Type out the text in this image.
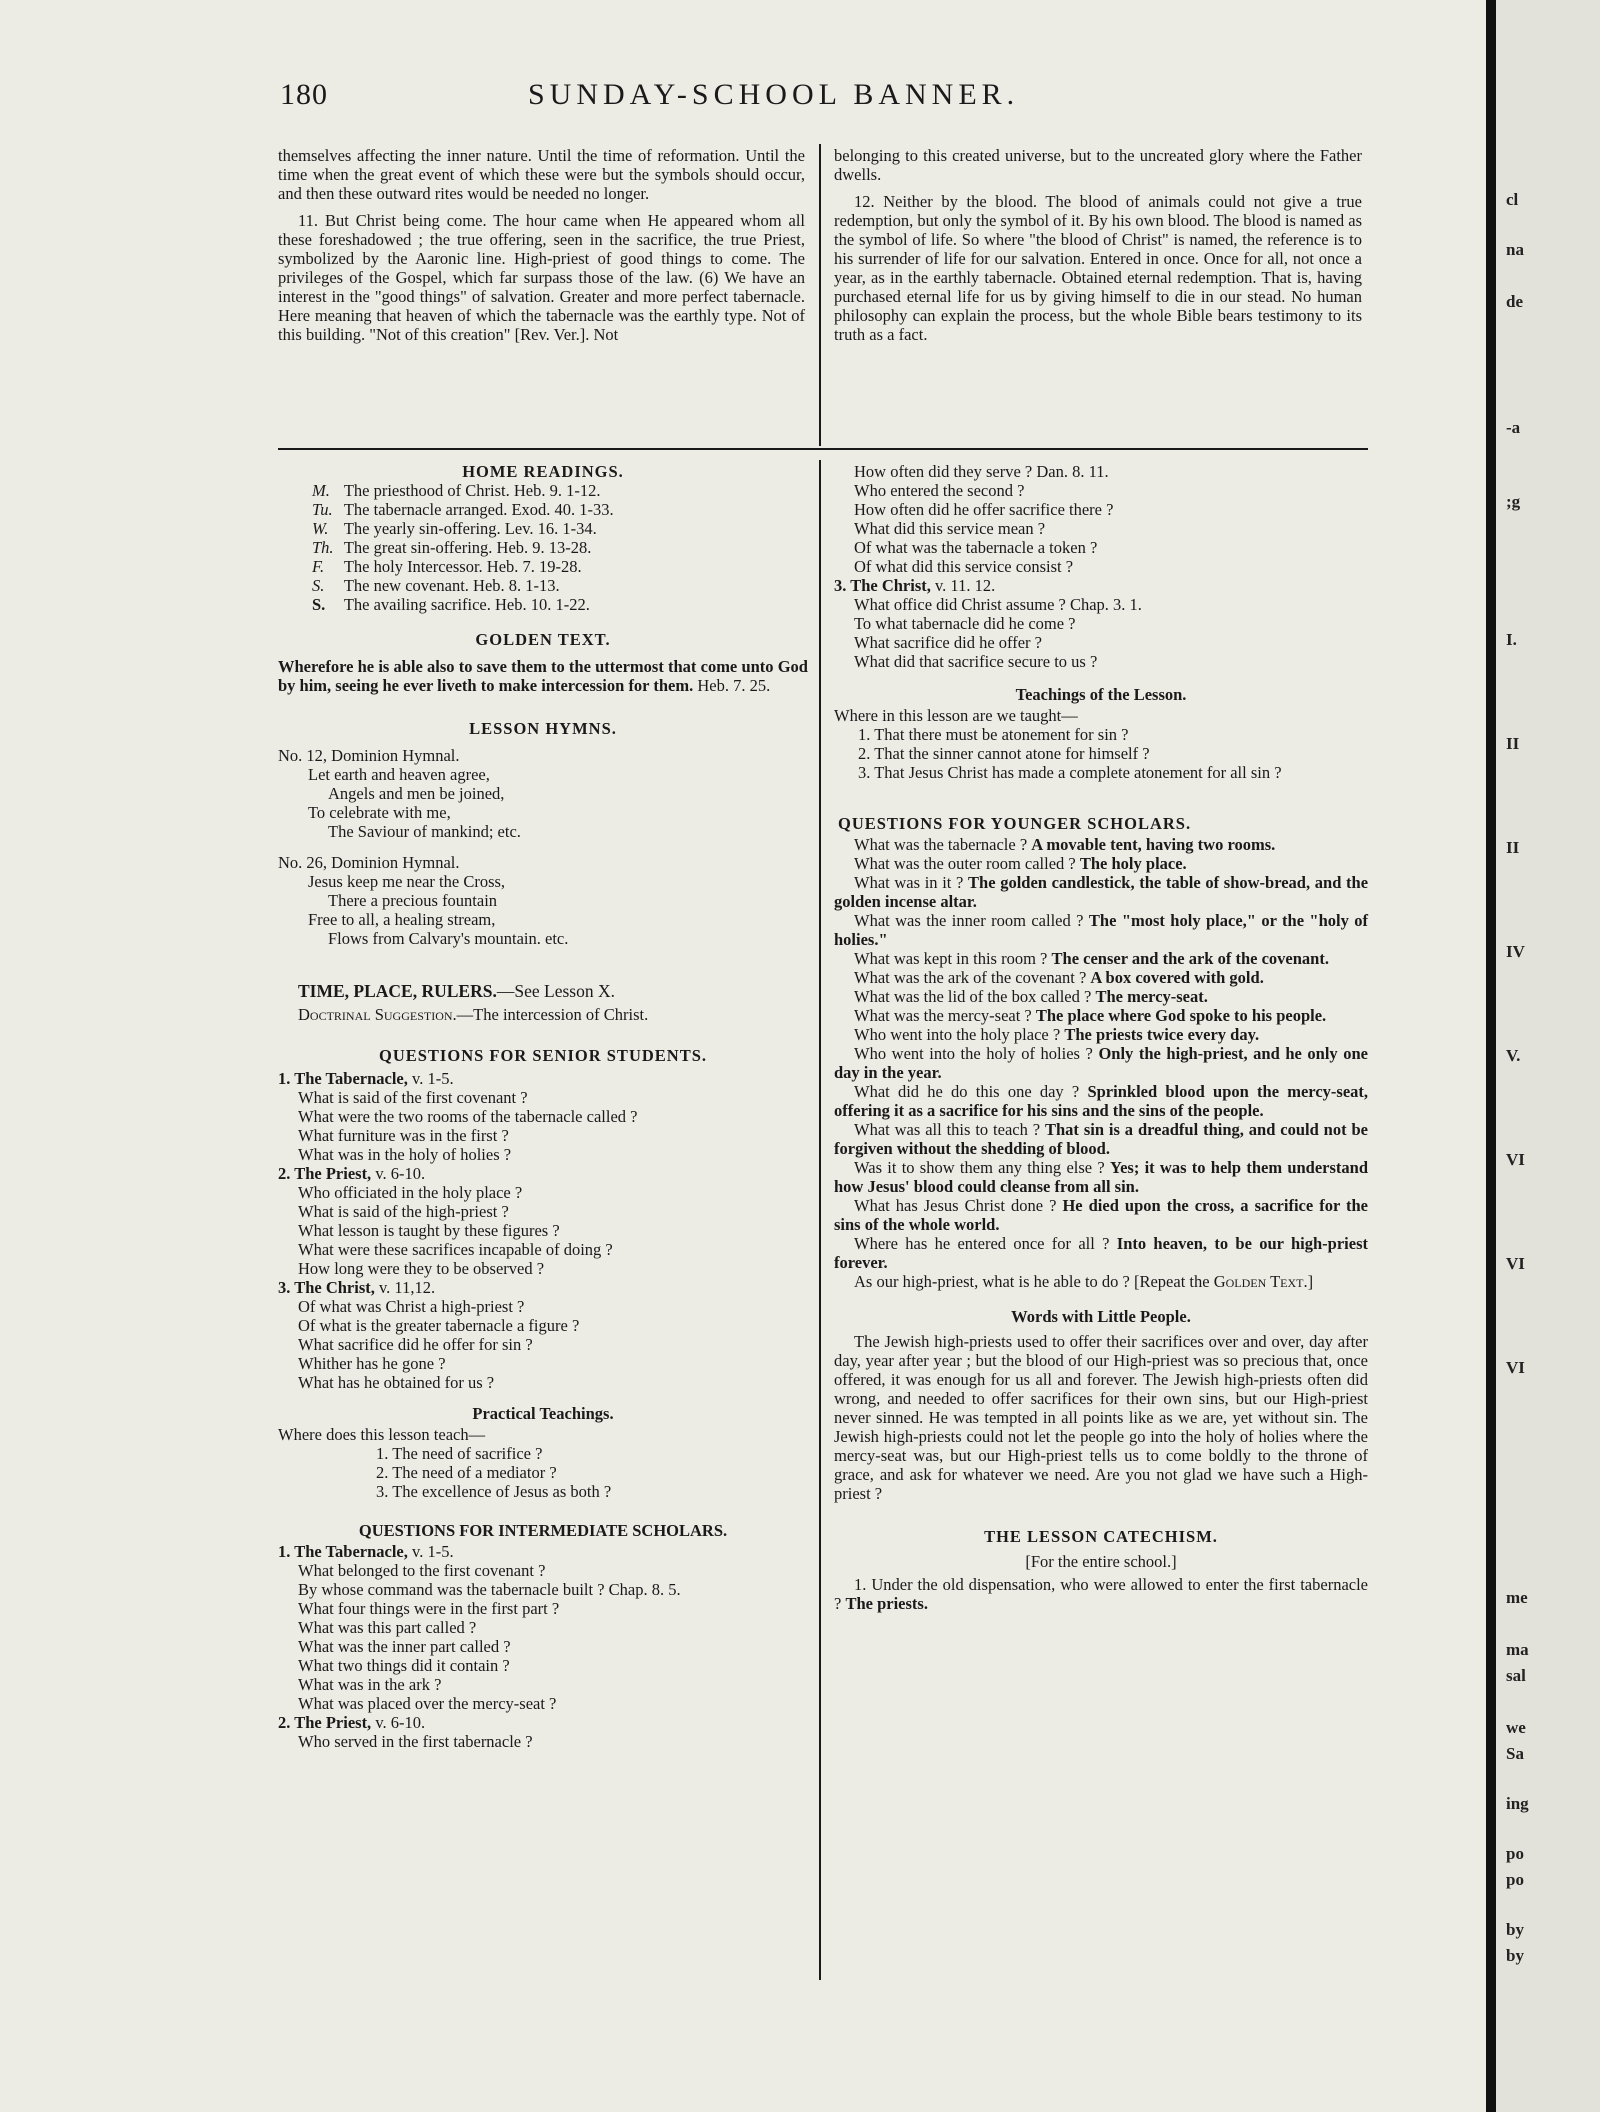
180	SUNDAY-SCHOOL BANNER.

themselves affecting the inner nature. Until the time of reformation. Until the time when the great event of which these were but the symbols should occur, and then these outward rites would be needed no longer.

11. But Christ being come. The hour came when He appeared whom all these foreshadowed ; the true offering, seen in the sacrifice, the true Priest, symbolized by the Aaronic line. High-priest of good things to come. The privileges of the Gospel, which far surpass those of the law. (6) We have an interest in the "good things" of salvation. Greater and more perfect tabernacle. Here meaning that heaven of which the tabernacle was the earthly type. Not of this building. "Not of this creation" [Rev. Ver.]. Not

belonging to this created universe, but to the uncreated glory where the Father dwells.

12. Neither by the blood. The blood of animals could not give a true redemption, but only the symbol of it. By his own blood. The blood is named as the symbol of life. So where "the blood of Christ" is named, the reference is to his surrender of life for our salvation. Entered in once. Once for all, not once a year, as in the earthly tabernacle. Obtained eternal redemption. That is, having purchased eternal life for us by giving himself to die in our stead. No human philosophy can explain the process, but the whole Bible bears testimony to its truth as a fact.

HOME READINGS.

M. The priesthood of Christ. Heb. 9. 1-12.
Tu. The tabernacle arranged. Exod. 40. 1-33.
W. The yearly sin-offering. Lev. 16. 1-34.
Th. The great sin-offering. Heb. 9. 13-28.
F. The holy Intercessor. Heb. 7. 19-28.
S. The new covenant. Heb. 8. 1-13.
S. The availing sacrifice. Heb. 10. 1-22.

GOLDEN TEXT.

Wherefore he is able also to save them to the uttermost that come unto God by him, seeing he ever liveth to make intercession for them. Heb. 7. 25.

LESSON HYMNS.

No. 12, Dominion Hymnal.

Let earth and heaven agree,
Angels and men be joined,
To celebrate with me,
The Saviour of mankind; etc.

No. 26, Dominion Hymnal.

Jesus keep me near the Cross,
There a precious fountain
Free to all, a healing stream,
Flows from Calvary's mountain. etc.
TIME, PLACE, RULERS.—See Lesson X.
Doctrinal Suggestion.—The intercession of Christ.

QUESTIONS FOR SENIOR STUDENTS.

1. The Tabernacle, v. 1-5.
What is said of the first covenant ?
What were the two rooms of the tabernacle called ?
What furniture was in the first ?
What was in the holy of holies ?
2. The Priest, v. 6-10.
Who officiated in the holy place ?
What is said of the high-priest ?
What lesson is taught by these figures ?
What were these sacrifices incapable of doing ?
How long were they to be observed ?
3. The Christ, v. 11,12.
Of what was Christ a high-priest ?
Of what is the greater tabernacle a figure ?
What sacrifice did he offer for sin ?
Whither has he gone ?
What has he obtained for us ?

Practical Teachings.

Where does this lesson teach—
1. The need of sacrifice ?
2. The need of a mediator ?
3. The excellence of Jesus as both ?

QUESTIONS FOR INTERMEDIATE SCHOLARS.

1. The Tabernacle, v. 1-5.
What belonged to the first covenant ?
By whose command was the tabernacle built ? Chap. 8. 5.
What four things were in the first part ?
What was this part called ?
What was the inner part called ?
What two things did it contain ?
What was in the ark ?
What was placed over the mercy-seat ?
2. The Priest, v. 6-10.
Who served in the first tabernacle ?
How often did they serve ? Dan. 8. 11.
Who entered the second ?
How often did he offer sacrifice there ?
What did this service mean ?
Of what was the tabernacle a token ?
Of what did this service consist ?
3. The Christ, v. 11. 12.
What office did Christ assume ? Chap. 3. 1.
To what tabernacle did he come ?
What sacrifice did he offer ?
What did that sacrifice secure to us ?

Teachings of the Lesson.

Where in this lesson are we taught—
1. That there must be atonement for sin ?
2. That the sinner cannot atone for himself ?
3. That Jesus Christ has made a complete atonement for all sin ?

QUESTIONS FOR YOUNGER SCHOLARS.

What was the tabernacle ? A movable tent, having two rooms.
What was the outer room called ? The holy place.
What was in it ? The golden candlestick, the table of show-bread, and the golden incense altar.
What was the inner room called ? The "most holy place," or the "holy of holies."
What was kept in this room ? The censer and the ark of the covenant.
What was the ark of the covenant ? A box covered with gold.
What was the lid of the box called ? The mercy-seat.
What was the mercy-seat ? The place where God spoke to his people.
Who went into the holy place ? The priests twice every day.
Who went into the holy of holies ? Only the high-priest, and he only one day in the year.
What did he do this one day ? Sprinkled blood upon the mercy-seat, offering it as a sacrifice for his sins and the sins of the people.
What was all this to teach ? That sin is a dreadful thing, and could not be forgiven without the shedding of blood.
Was it to show them any thing else ? Yes; it was to help them understand how Jesus' blood could cleanse from all sin.
What has Jesus Christ done ? He died upon the cross, a sacrifice for the sins of the whole world.
Where has he entered once for all ? Into heaven, to be our high-priest forever.
As our high-priest, what is he able to do ? [Repeat the Golden Text.]

Words with Little People.

The Jewish high-priests used to offer their sacrifices over and over, day after day, year after year ; but the blood of our High-priest was so precious that, once offered, it was enough for us all and forever. The Jewish high-priests often did wrong, and needed to offer sacrifices for their own sins, but our High-priest never sinned. He was tempted in all points like as we are, yet without sin. The Jewish high-priests could not let the people go into the holy of holies where the mercy-seat was, but our High-priest tells us to come boldly to the throne of grace, and ask for whatever we need. Are you not glad we have such a High-priest ?

THE LESSON CATECHISM.

[For the entire school.]
1. Under the old dispensation, who were allowed to enter the first tabernacle ? The priests.
cl
na
de
-a
;g
I.
II
II
IV
V.
VI
VI
VI
me
ma
sal
we
Sa
ing
po
po
by
by
